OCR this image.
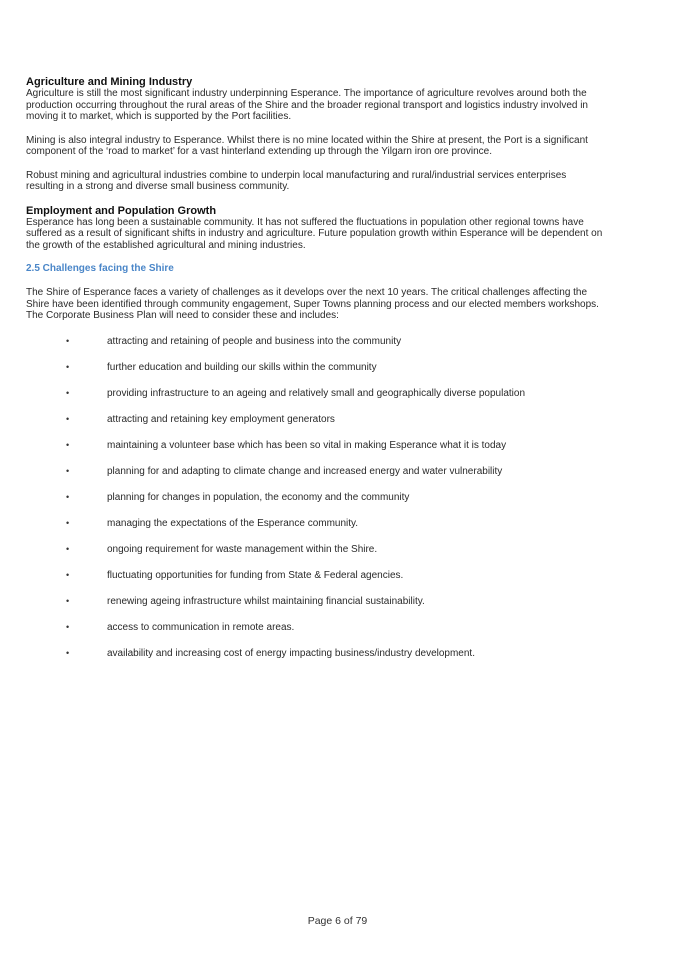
Agriculture and Mining Industry

Agriculture is still the most significant industry underpinning Esperance. The importance of agriculture revolves around both the production occurring throughout the rural areas of the Shire and the broader regional transport and logistics industry involved in moving it to market, which is supported by the Port facilities.

Mining is also integral industry to Esperance. Whilst there is no mine located within the Shire at present, the Port is a significant component of the ‘road to market’ for a vast hinterland extending up through the Yilgarn iron ore province.

Robust mining and agricultural industries combine to underpin local manufacturing and rural/industrial services enterprises resulting in a strong and diverse small business community.

Employment and Population Growth

Esperance has long been a sustainable community. It has not suffered the fluctuations in population other regional towns have suffered as a result of significant shifts in industry and agriculture. Future population growth within Esperance will be dependent on the growth of the established agricultural and mining industries.

2.5 Challenges facing the Shire

The Shire of Esperance faces a variety of challenges as it develops over the next 10 years. The critical challenges affecting the Shire have been identified through community engagement, Super Towns planning process and our elected members workshops. The Corporate Business Plan will need to consider these and includes:

•	attracting and retaining of people and business into the community
•	further education and building our skills within the community
•	providing infrastructure to an ageing and relatively small and geographically diverse population
•	attracting and retaining key employment generators
•	maintaining a volunteer base which has been so vital in making Esperance what it is today
•	planning for and adapting to climate change and increased energy and water vulnerability
•	planning for changes in population, the economy and the community
•	managing the expectations of the Esperance community.
•	ongoing requirement for waste management within the Shire.
•	fluctuating opportunities for funding from State & Federal agencies.
•	renewing ageing infrastructure whilst maintaining financial sustainability.
•	access to communication in remote areas.
•	availability and increasing cost of energy impacting business/industry development.
Page 6 of 79
